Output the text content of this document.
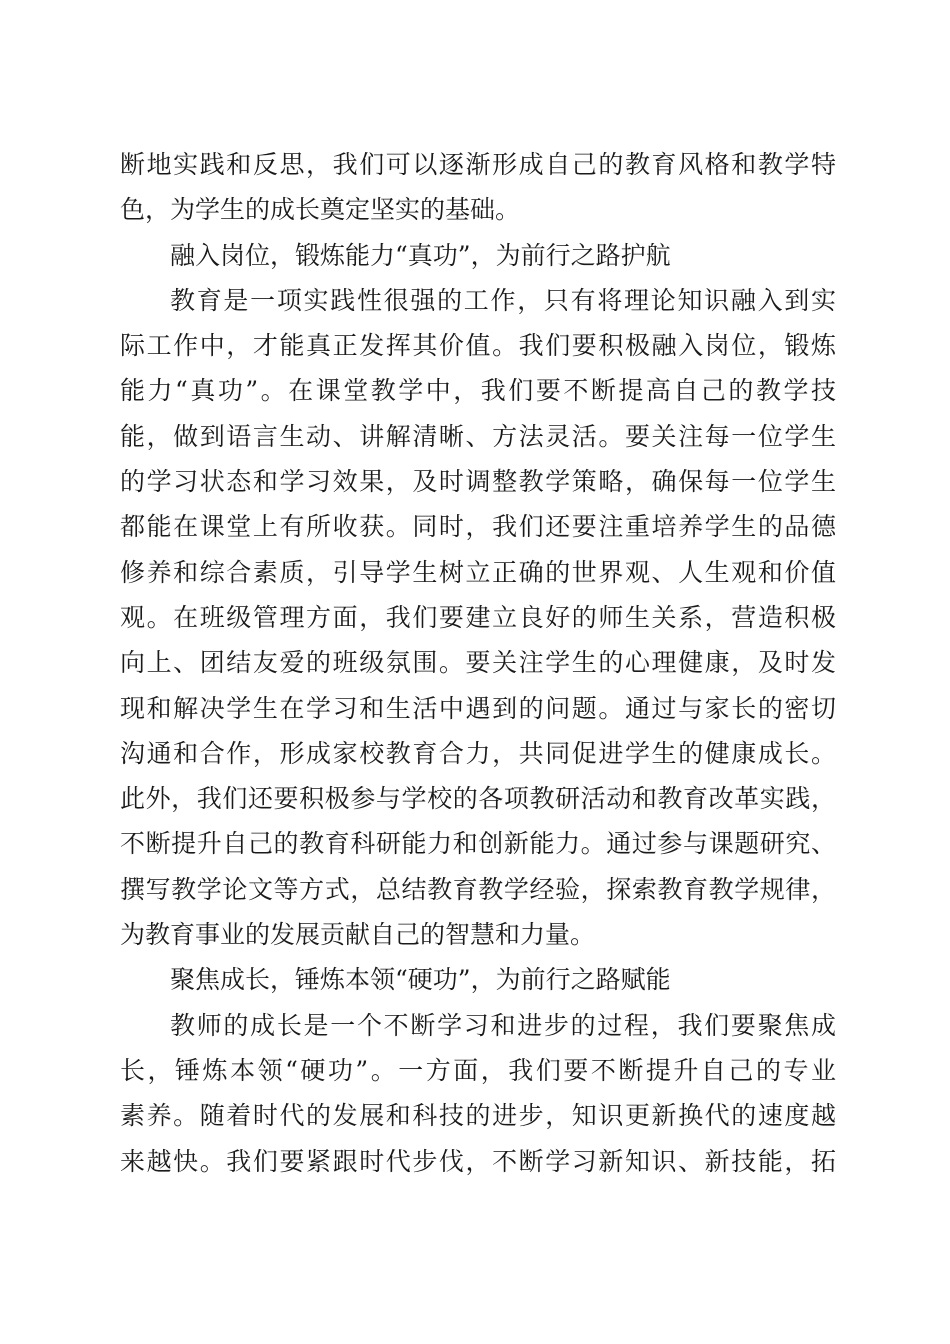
断地实践和反思，我们可以逐渐形成自己的教育风格和教学特
色，为学生的成长奠定坚实的基础。
融入岗位，锻炼能力“真功”，为前行之路护航
教育是一项实践性很强的工作，只有将理论知识融入到实
际工作中，才能真正发挥其价值。我们要积极融入岗位，锻炼
能力“真功”。在课堂教学中，我们要不断提高自己的教学技
能，做到语言生动、讲解清晰、方法灵活。要关注每一位学生
的学习状态和学习效果，及时调整教学策略，确保每一位学生
都能在课堂上有所收获。同时，我们还要注重培养学生的品德
修养和综合素质，引导学生树立正确的世界观、人生观和价值
观。在班级管理方面，我们要建立良好的师生关系，营造积极
向上、团结友爱的班级氛围。要关注学生的心理健康，及时发
现和解决学生在学习和生活中遇到的问题。通过与家长的密切
沟通和合作，形成家校教育合力，共同促进学生的健康成长。
此外，我们还要积极参与学校的各项教研活动和教育改革实践，
不断提升自己的教育科研能力和创新能力。通过参与课题研究、
撰写教学论文等方式，总结教育教学经验，探索教育教学规律，
为教育事业的发展贡献自己的智慧和力量。
聚焦成长，锤炼本领“硬功”，为前行之路赋能
教师的成长是一个不断学习和进步的过程，我们要聚焦成
长，锤炼本领“硬功”。一方面，我们要不断提升自己的专业
素养。随着时代的发展和科技的进步，知识更新换代的速度越
来越快。我们要紧跟时代步伐，不断学习新知识、新技能，拓
